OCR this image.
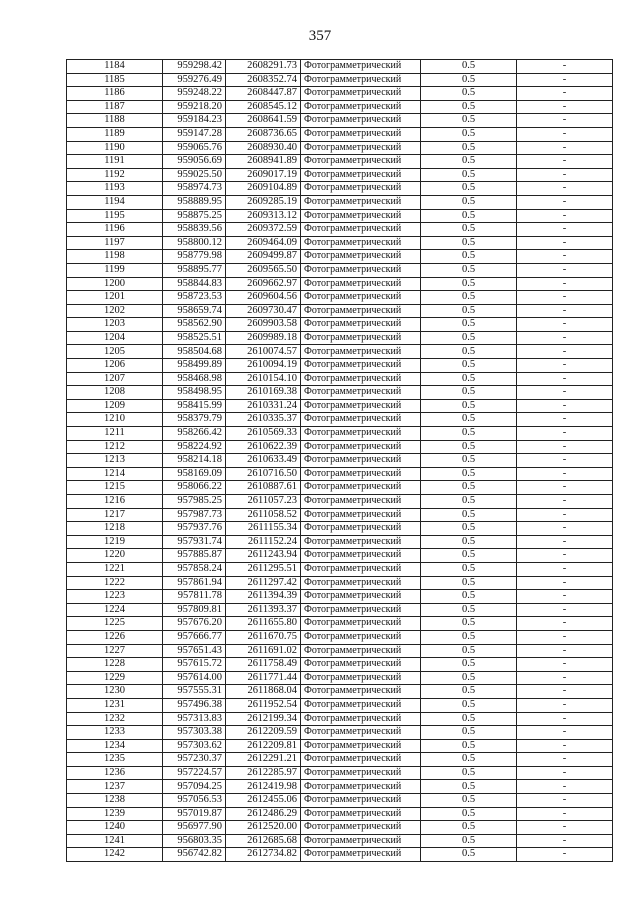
357
1184	959298.42	2608291.73	Фотограмметрический	0.5	-
1185	959276.49	2608352.74	Фотограмметрический	0.5	-
1186	959248.22	2608447.87	Фотограмметрический	0.5	-
1187	959218.20	2608545.12	Фотограмметрический	0.5	-
1188	959184.23	2608641.59	Фотограмметрический	0.5	-
1189	959147.28	2608736.65	Фотограмметрический	0.5	-
1190	959065.76	2608930.40	Фотограмметрический	0.5	-
1191	959056.69	2608941.89	Фотограмметрический	0.5	-
1192	959025.50	2609017.19	Фотограмметрический	0.5	-
1193	958974.73	2609104.89	Фотограмметрический	0.5	-
1194	958889.95	2609285.19	Фотограмметрический	0.5	-
1195	958875.25	2609313.12	Фотограмметрический	0.5	-
1196	958839.56	2609372.59	Фотограмметрический	0.5	-
1197	958800.12	2609464.09	Фотограмметрический	0.5	-
1198	958779.98	2609499.87	Фотограмметрический	0.5	-
1199	958895.77	2609565.50	Фотограмметрический	0.5	-
1200	958844.83	2609662.97	Фотограмметрический	0.5	-
1201	958723.53	2609604.56	Фотограмметрический	0.5	-
1202	958659.74	2609730.47	Фотограмметрический	0.5	-
1203	958562.90	2609903.58	Фотограмметрический	0.5	-
1204	958525.51	2609989.18	Фотограмметрический	0.5	-
1205	958504.68	2610074.57	Фотограмметрический	0.5	-
1206	958499.89	2610094.19	Фотограмметрический	0.5	-
1207	958468.98	2610154.10	Фотограмметрический	0.5	-
1208	958498.95	2610169.38	Фотограмметрический	0.5	-
1209	958415.99	2610331.24	Фотограмметрический	0.5	-
1210	958379.79	2610335.37	Фотограмметрический	0.5	-
1211	958266.42	2610569.33	Фотограмметрический	0.5	-
1212	958224.92	2610622.39	Фотограмметрический	0.5	-
1213	958214.18	2610633.49	Фотограмметрический	0.5	-
1214	958169.09	2610716.50	Фотограмметрический	0.5	-
1215	958066.22	2610887.61	Фотограмметрический	0.5	-
1216	957985.25	2611057.23	Фотограмметрический	0.5	-
1217	957987.73	2611058.52	Фотограмметрический	0.5	-
1218	957937.76	2611155.34	Фотограмметрический	0.5	-
1219	957931.74	2611152.24	Фотограмметрический	0.5	-
1220	957885.87	2611243.94	Фотограмметрический	0.5	-
1221	957858.24	2611295.51	Фотограмметрический	0.5	-
1222	957861.94	2611297.42	Фотограмметрический	0.5	-
1223	957811.78	2611394.39	Фотограмметрический	0.5	-
1224	957809.81	2611393.37	Фотограмметрический	0.5	-
1225	957676.20	2611655.80	Фотограмметрический	0.5	-
1226	957666.77	2611670.75	Фотограмметрический	0.5	-
1227	957651.43	2611691.02	Фотограмметрический	0.5	-
1228	957615.72	2611758.49	Фотограмметрический	0.5	-
1229	957614.00	2611771.44	Фотограмметрический	0.5	-
1230	957555.31	2611868.04	Фотограмметрический	0.5	-
1231	957496.38	2611952.54	Фотограмметрический	0.5	-
1232	957313.83	2612199.34	Фотограмметрический	0.5	-
1233	957303.38	2612209.59	Фотограмметрический	0.5	-
1234	957303.62	2612209.81	Фотограмметрический	0.5	-
1235	957230.37	2612291.21	Фотограмметрический	0.5	-
1236	957224.57	2612285.97	Фотограмметрический	0.5	-
1237	957094.25	2612419.98	Фотограмметрический	0.5	-
1238	957056.53	2612455.06	Фотограмметрический	0.5	-
1239	957019.87	2612486.29	Фотограмметрический	0.5	-
1240	956977.90	2612520.00	Фотограмметрический	0.5	-
1241	956803.35	2612685.68	Фотограмметрический	0.5	-
1242	956742.82	2612734.82	Фотограмметрический	0.5	-
